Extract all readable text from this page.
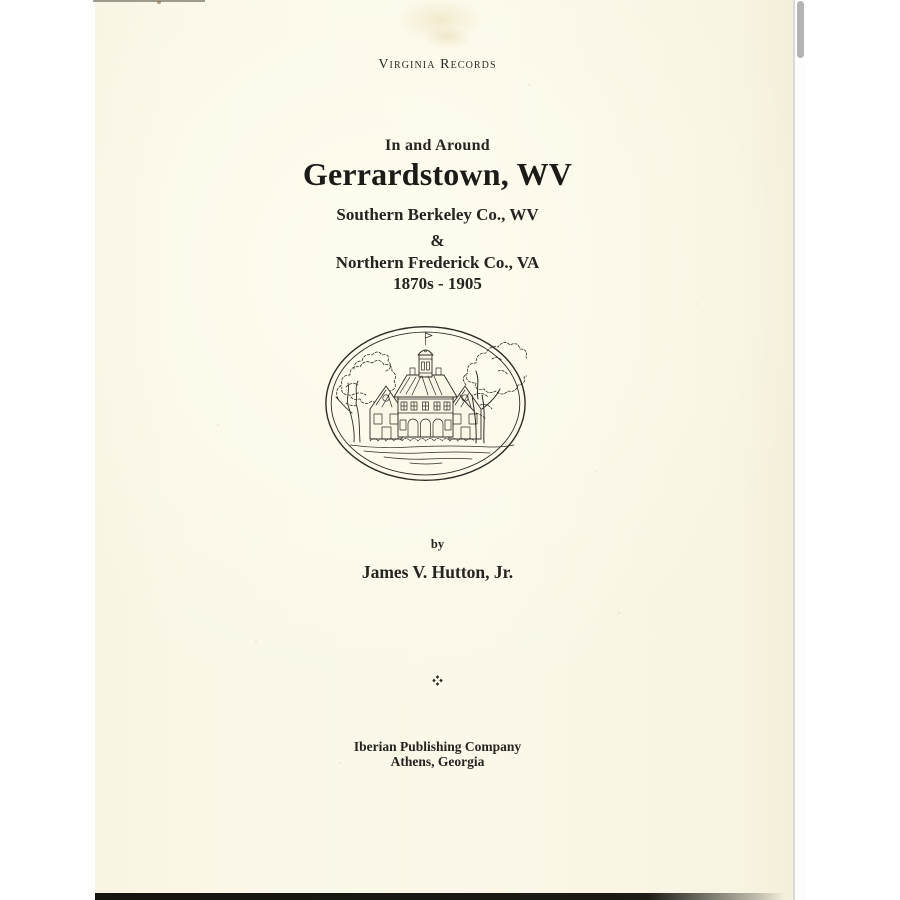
Virginia Records
In and Around
Gerrardstown, WV
Southern Berkeley Co., WV
&
Northern Frederick Co., VA
1870s - 1905
by
James V. Hutton, Jr.
Iberian Publishing Company
Athens, Georgia
